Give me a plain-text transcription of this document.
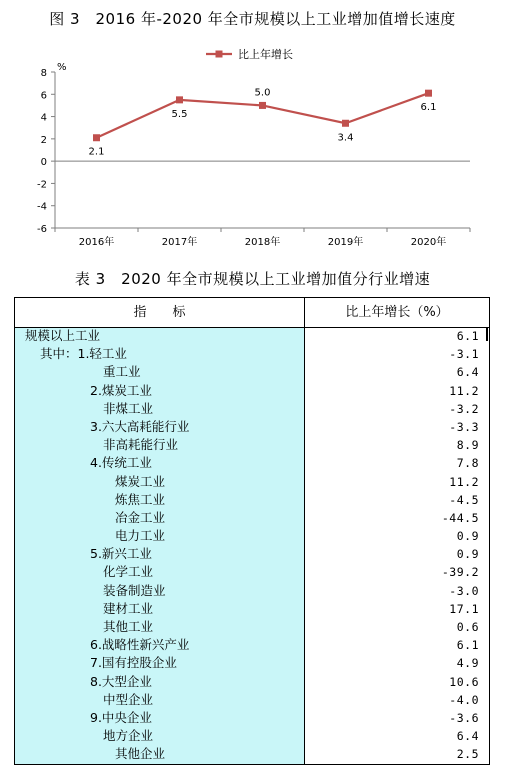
图 3　2016 年-2020 年全市规模以上工业增加值增长速度
8
6
4
2
0
-2
-4
-6
%
2016年	2017年	2018年	2019年	2020年
2.1
5.5
5.0
3.4
6.1
比上年增长
表 3　2020 年全市规模以上工业增加值分行业增速
指　　标	比上年增长（%）
规模以上工业	6.1
其中：1.轻工业	-3.1
重工业	6.4
2.煤炭工业	11.2
非煤工业	-3.2
3.六大高耗能行业	-3.3
非高耗能行业	8.9
4.传统工业	7.8
煤炭工业	11.2
炼焦工业	-4.5
冶金工业	-44.5
电力工业	0.9
5.新兴工业	0.9
化学工业	-39.2
装备制造业	-3.0
建材工业	17.1
其他工业	0.6
6.战略性新兴产业	6.1
7.国有控股企业	4.9
8.大型企业	10.6
中型企业	-4.0
9.中央企业	-3.6
地方企业	6.4
其他企业	2.5
